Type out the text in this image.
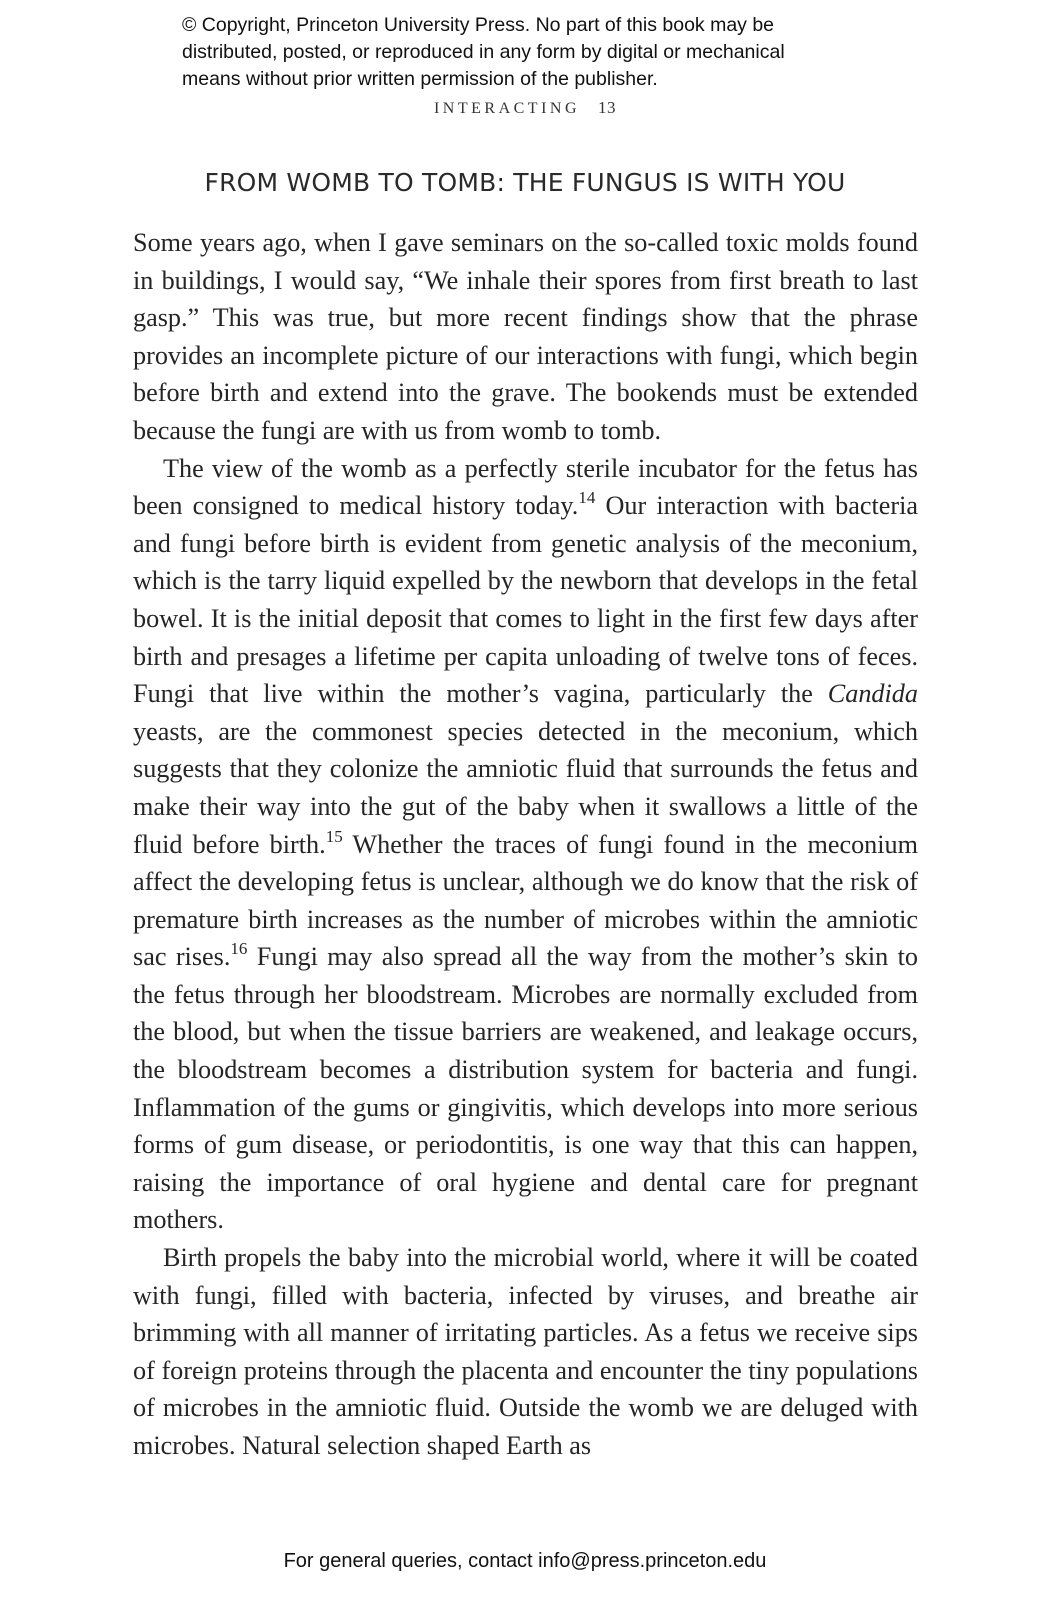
© Copyright, Princeton University Press. No part of this book may be

distributed, posted, or reproduced in any form by digital or mechanical

means without prior written permission of the publisher.

INTERACTING 13
FROM WOMB TO TOMB: THE FUNGUS IS WITH YOU

Some years ago, when I gave seminars on the so-called toxic molds found in buildings, I would say, “We inhale their spores from first breath to last gasp.” This was true, but more recent findings show that the phrase provides an incomplete picture of our interactions with fungi, which begin before birth and extend into the grave. The bookends must be extended because the fungi are with us from womb to tomb.

The view of the womb as a perfectly sterile incubator for the fetus has been consigned to medical history today.$^{14}$ Our interaction with bacteria and fungi before birth is evident from genetic analysis of the meconium, which is the tarry liquid expelled by the newborn that develops in the fetal bowel. It is the initial deposit that comes to light in the first few days after birth and presages a lifetime per capita unloading of twelve tons of feces. Fungi that live within the mother’s vagina, particularly the Candida yeasts, are the commonest species detected in the meconium, which suggests that they colonize the amniotic fluid that surrounds the fetus and make their way into the gut of the baby when it swallows a little of the fluid before birth.$^{15}$ Whether the traces of fungi found in the meconium affect the developing fetus is unclear, although we do know that the risk of premature birth increases as the number of microbes within the amniotic sac rises.$^{16}$ Fungi may also spread all the way from the mother’s skin to the fetus through her bloodstream. Microbes are normally excluded from the blood, but when the tissue barriers are weakened, and leakage occurs, the bloodstream becomes a distribution system for bacteria and fungi. Inflammation of the gums or gingivitis, which develops into more serious forms of gum disease, or periodontitis, is one way that this can happen, raising the importance of oral hygiene and dental care for pregnant mothers.

Birth propels the baby into the microbial world, where it will be coated with fungi, filled with bacteria, infected by viruses, and breathe air brimming with all manner of irritating particles. As a fetus we receive sips of foreign proteins through the placenta and encounter the tiny populations of microbes in the amniotic fluid. Outside the womb we are deluged with microbes. Natural selection shaped Earth as

For general queries, contact info@press.princeton.edu
